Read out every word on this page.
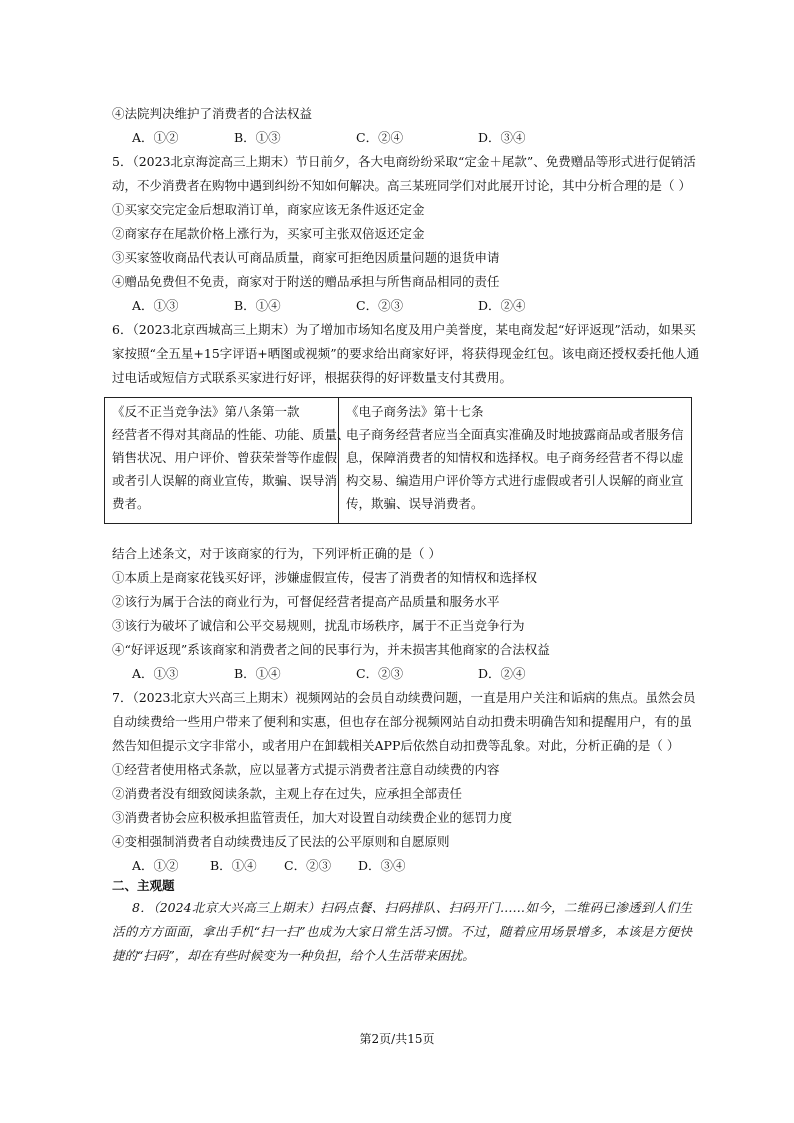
④法院判决维护了消费者的合法权益
A．①②	B．①③	C．②④	D．③④
5．（2023北京海淀高三上期末）节日前夕，各大电商纷纷采取“定金＋尾款”、免费赠品等形式进行促销活
动，不少消费者在购物中遇到纠纷不知如何解决。高三某班同学们对此展开讨论，其中分析合理的是（ ）
①买家交完定金后想取消订单，商家应该无条件返还定金
②商家存在尾款价格上涨行为，买家可主张双倍返还定金
③买家签收商品代表认可商品质量，商家可拒绝因质量问题的退货申请
④赠品免费但不免责，商家对于附送的赠品承担与所售商品相同的责任
A．①③	B．①④	C．②③	D．②④
6．（2023北京西城高三上期末）为了增加市场知名度及用户美誉度，某电商发起“好评返现”活动，如果买
家按照“全五星+15字评语+晒图或视频”的要求给出商家好评，将获得现金红包。该电商还授权委托他人通
过电话或短信方式联系买家进行好评，根据获得的好评数量支付其费用。
《反不正当竞争法》第八条第一款
经营者不得对其商品的性能、功能、质量、
销售状况、用户评价、曾获荣誉等作虚假
或者引人误解的商业宣传，欺骗、误导消
费者。
《电子商务法》第十七条
电子商务经营者应当全面真实准确及时地披露商品或者服务信
息，保障消费者的知情权和选择权。电子商务经营者不得以虚
构交易、编造用户评价等方式进行虚假或者引人误解的商业宣
传，欺骗、误导消费者。
结合上述条文，对于该商家的行为，下列评析正确的是（ ）
①本质上是商家花钱买好评，涉嫌虚假宣传，侵害了消费者的知情权和选择权
②该行为属于合法的商业行为，可督促经营者提高产品质量和服务水平
③该行为破坏了诚信和公平交易规则，扰乱市场秩序，属于不正当竞争行为
④“好评返现”系该商家和消费者之间的民事行为，并未损害其他商家的合法权益
A．①③	B．①④	C．②③	D．②④
7．（2023北京大兴高三上期末）视频网站的会员自动续费问题，一直是用户关注和诟病的焦点。虽然会员
自动续费给一些用户带来了便利和实惠，但也存在部分视频网站自动扣费未明确告知和提醒用户，有的虽
然告知但提示文字非常小，或者用户在卸载相关APP后依然自动扣费等乱象。对此，分析正确的是（ ）
①经营者使用格式条款，应以显著方式提示消费者注意自动续费的内容
②消费者没有细致阅读条款，主观上存在过失，应承担全部责任
③消费者协会应积极承担监管责任，加大对设置自动续费企业的惩罚力度
④变相强制消费者自动续费违反了民法的公平原则和自愿原则
A．①②	B．①④ C．②③ D．③④
二、主观题
8．（2024北京大兴高三上期末）扫码点餐、扫码排队、扫码开门……如今，二维码已渗透到人们生
活的方方面面，拿出手机“扫一扫”也成为大家日常生活习惯。不过，随着应用场景增多，本该是方便快
捷的“扫码”，却在有些时候变为一种负担，给个人生活带来困扰。
第2页/共15页
